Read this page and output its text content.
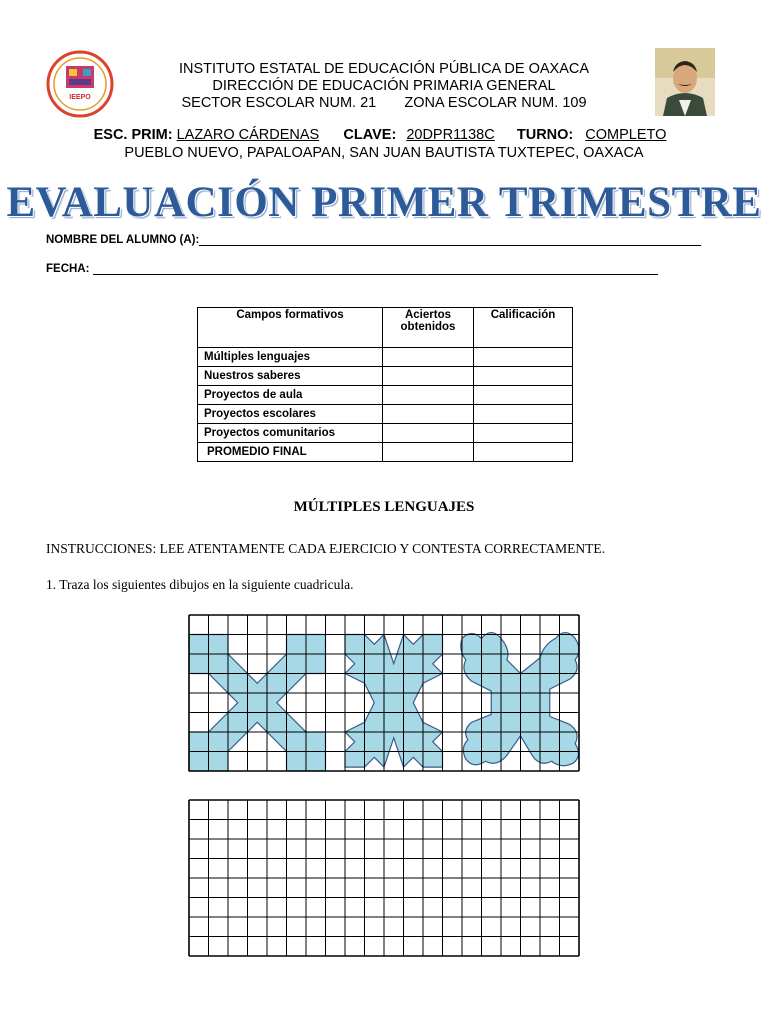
IEEPO
INSTITUTO ESTATAL DE EDUCACIÓN PÚBLICA DE OAXACA
DIRECCIÓN DE EDUCACIÓN PRIMARIA GENERAL
SECTOR ESCOLAR NUM. 21       ZONA ESCOLAR NUM. 109
ESC. PRIM: LAZARO CÁRDENAS CLAVE: 20DPR1138C TURNO: COMPLETO
PUEBLO NUEVO, PAPALOAPAN, SAN JUAN BAUTISTA TUXTEPEC, OAXACA
EVALUACIÓN PRIMER TRIMESTRE
NOMBRE DEL ALUMNO (A):
FECHA:
Campos formativos	Aciertos obtenidos	Calificación
Múltiples lenguajes		
Nuestros saberes		
Proyectos de aula		
Proyectos escolares		
Proyectos comunitarios		
PROMEDIO FINAL		
MÚLTIPLES LENGUAJES
INSTRUCCIONES: LEE ATENTAMENTE CADA EJERCICIO Y CONTESTA CORRECTAMENTE.
1. Traza los siguientes dibujos en la siguiente cuadricula.
